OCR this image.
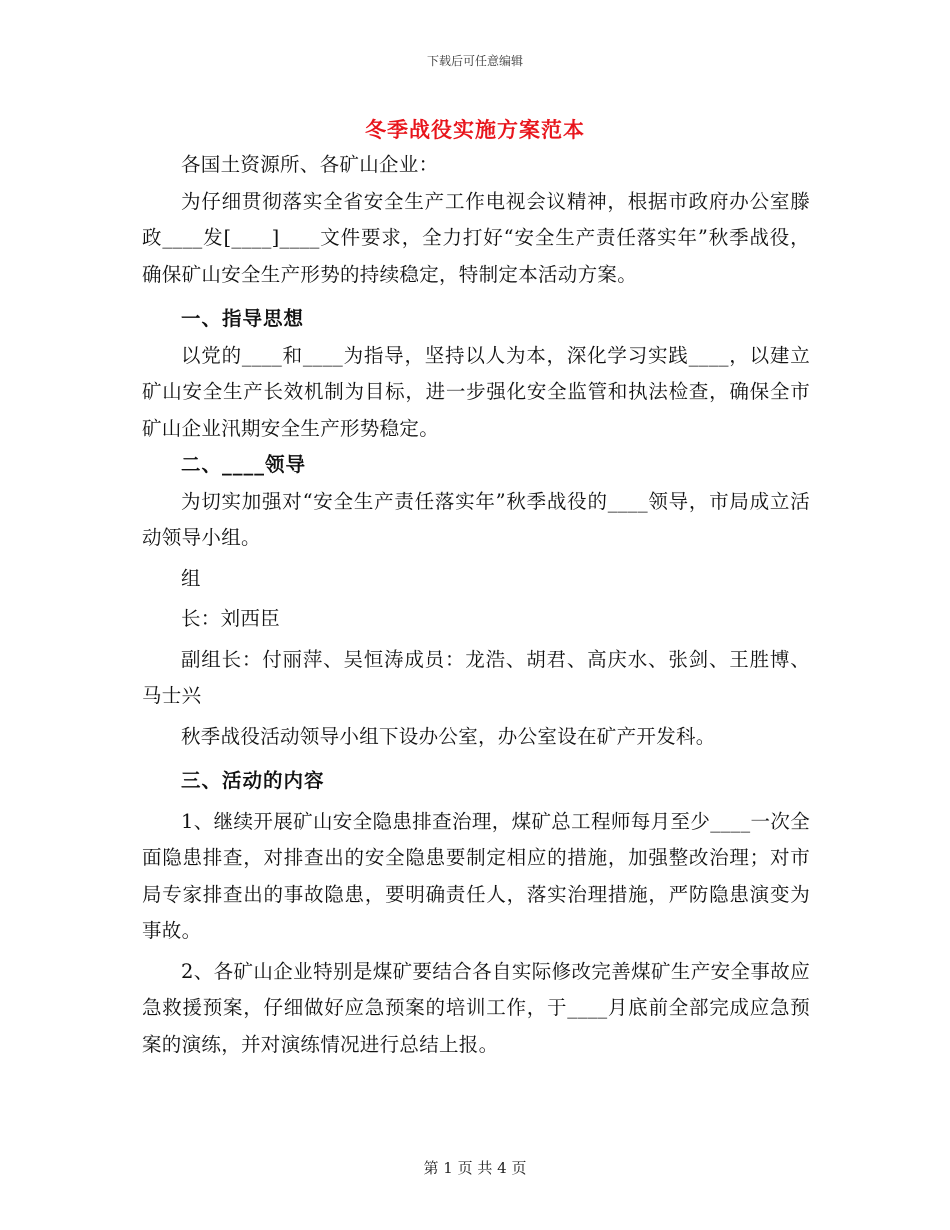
下载后可任意编辑
冬季战役实施方案范本

各国土资源所、各矿山企业：

为仔细贯彻落实全省安全生产工作电视会议精神，根据市政府办公室滕政____发[____]____文件要求，全力打好“安全生产责任落实年”秋季战役，确保矿山安全生产形势的持续稳定，特制定本活动方案。

一、指导思想

以党的____和____为指导，坚持以人为本，深化学习实践____，以建立矿山安全生产长效机制为目标，进一步强化安全监管和执法检查，确保全市矿山企业汛期安全生产形势稳定。

二、____领导

为切实加强对“安全生产责任落实年”秋季战役的____领导，市局成立活动领导小组。

组

长：刘西臣

副组长：付丽萍、吴恒涛成员：龙浩、胡君、高庆水、张剑、王胜博、马士兴

秋季战役活动领导小组下设办公室，办公室设在矿产开发科。

三、活动的内容

1、继续开展矿山安全隐患排查治理，煤矿总工程师每月至少____一次全面隐患排查，对排查出的安全隐患要制定相应的措施，加强整改治理；对市局专家排查出的事故隐患，要明确责任人，落实治理措施，严防隐患演变为事故。

2、各矿山企业特别是煤矿要结合各自实际修改完善煤矿生产安全事故应急救援预案，仔细做好应急预案的培训工作，于____月底前全部完成应急预案的演练，并对演练情况进行总结上报。

第 1 页 共 4 页
